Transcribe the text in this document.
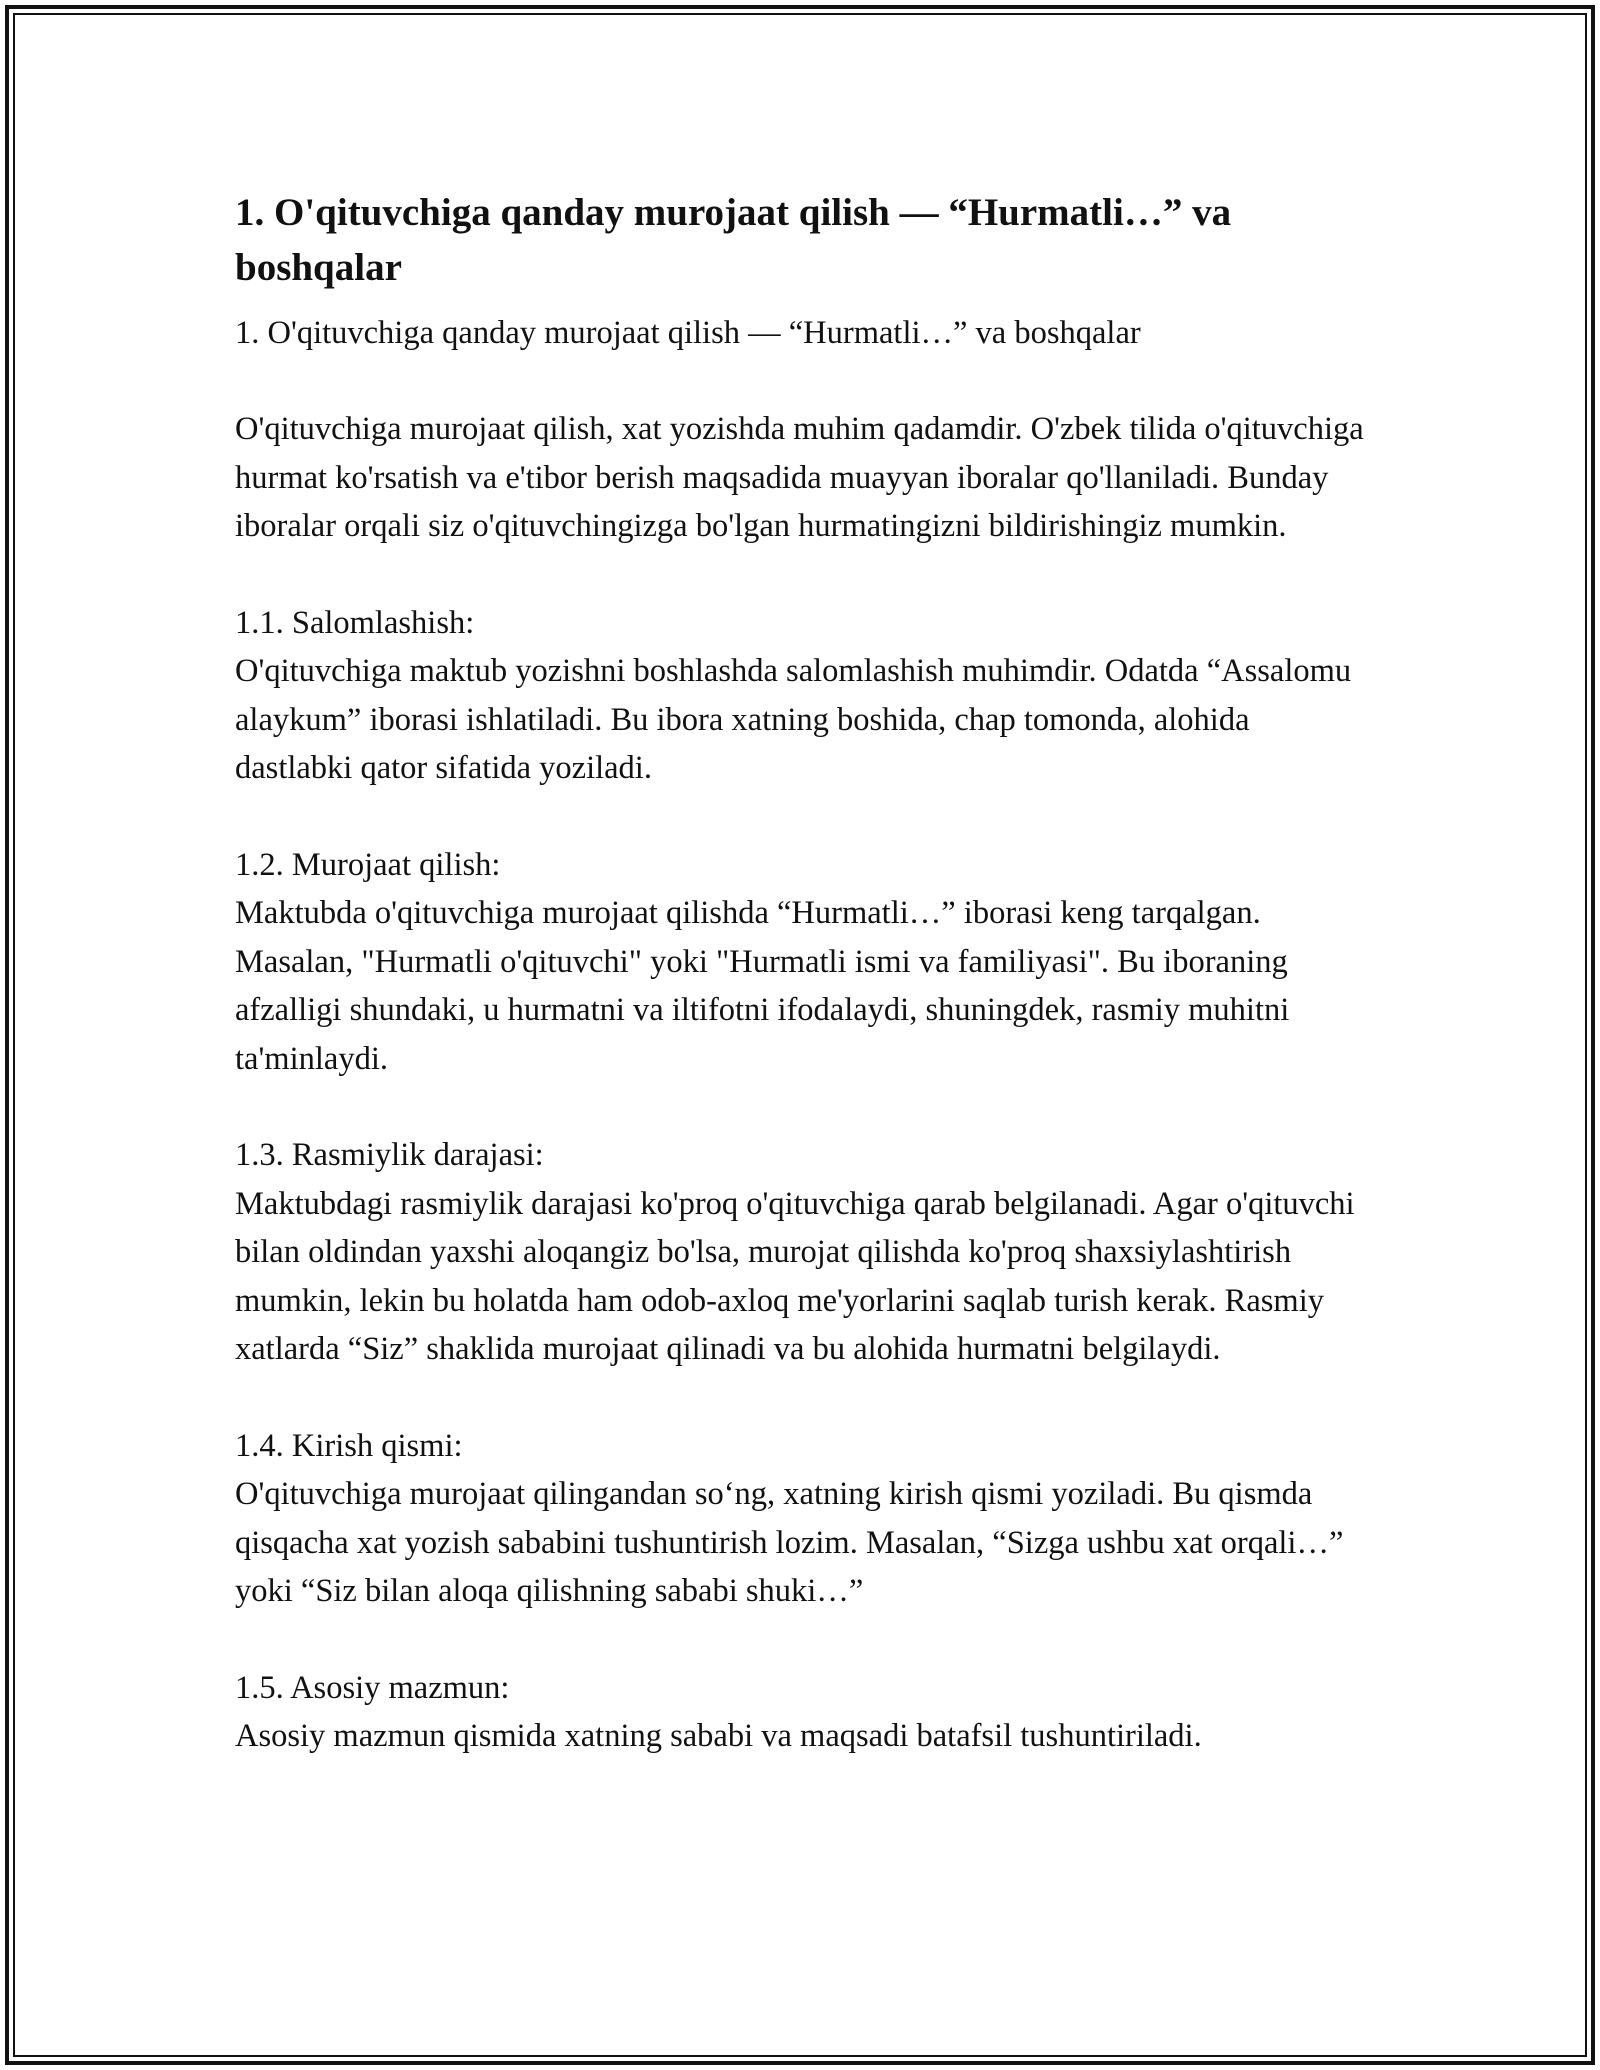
1. O'qituvchiga qanday murojaat qilish — “Hurmatli…” va boshqalar

1. O'qituvchiga qanday murojaat qilish — “Hurmatli…” va boshqalar

O'qituvchiga murojaat qilish, xat yozishda muhim qadamdir. O'zbek tilida o'qituvchiga hurmat ko'rsatish va e'tibor berish maqsadida muayyan iboralar qo'llaniladi. Bunday iboralar orqali siz o'qituvchingizga bo'lgan hurmatingizni bildirishingiz mumkin.

1.1. Salomlashish:

O'qituvchiga maktub yozishni boshlashda salomlashish muhimdir. Odatda “Assalomu alaykum” iborasi ishlatiladi. Bu ibora xatning boshida, chap tomonda, alohida dastlabki qator sifatida yoziladi.

1.2. Murojaat qilish:

Maktubda o'qituvchiga murojaat qilishda “Hurmatli…” iborasi keng tarqalgan. Masalan, "Hurmatli o'qituvchi" yoki "Hurmatli ismi va familiyasi". Bu iboraning afzalligi shundaki, u hurmatni va iltifotni ifodalaydi, shuningdek, rasmiy muhitni ta'minlaydi.

1.3. Rasmiylik darajasi:

Maktubdagi rasmiylik darajasi ko'proq o'qituvchiga qarab belgilanadi. Agar o'qituvchi bilan oldindan yaxshi aloqangiz bo'lsa, murojat qilishda ko'proq shaxsiylashtirish mumkin, lekin bu holatda ham odob-axloq me'yorlarini saqlab turish kerak. Rasmiy xatlarda “Siz” shaklida murojaat qilinadi va bu alohida hurmatni belgilaydi.

1.4. Kirish qismi:

O'qituvchiga murojaat qilingandan so‘ng, xatning kirish qismi yoziladi. Bu qismda qisqacha xat yozish sababini tushuntirish lozim. Masalan, “Sizga ushbu xat orqali…” yoki “Siz bilan aloqa qilishning sababi shuki…”

1.5. Asosiy mazmun:

Asosiy mazmun qismida xatning sababi va maqsadi batafsil tushuntiriladi.
